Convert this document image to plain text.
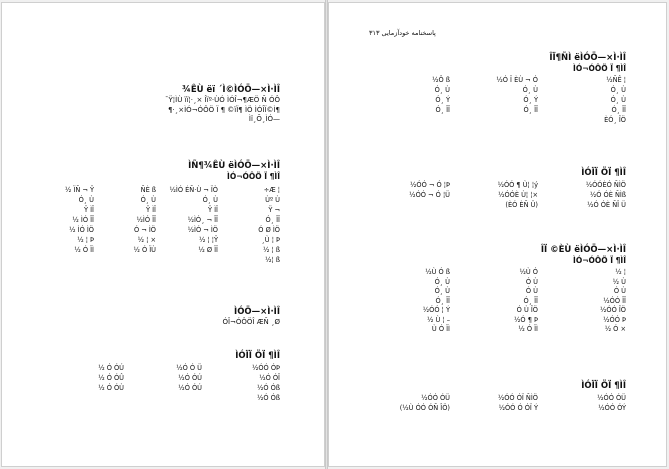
¾ÊÙ ëï ´Ì©ÌÓÖ—×Ì·ÌÎ
¯Ÿ¦ÌÙ ïï¦·¸× Îïº·ÙÓ ÌÓÎ¬¶ÆÖ Ñ ÓÔ
¶·¸×ÌÓ¬ÓÔÖ Ï ¶ ©ïÏ¶ ÌÖ ÌÓÎÏ©Ì¶
Ìï¸Õ¸ÌÓ—
ÌÑ¶¾ÊÙ ëÌÓÖ—×Ì·ÌÎ
ÌÓ¬ÓÔÖ Ï ¶ÌÎ
÷Æ ¦
½ÌÓ ÉÑ·Ù ¬ ÏÒ
ÑÈ ß
½ ÏÑ ¬ Ÿ
Ùº Ù
Ó¸ Ù
Ó¸ Ù
Ó¸ Ù
Ÿ ¬
Ÿ ÌÎ
Ÿ ÌÎ
Ÿ ÌÎ
Ó¸ ÎÎ
½ÌÓ¸ ¬ ÎÎ
½ÌÓ ÎÎ
½ ÌÓ ÎÎ
Ó Ø ÌÖ
½ÌÓ ¬ ÌÖ
Ó ¬ ÌÖ
½ ÌÓ ÌÖ
¸Ù ¦ Þ
½ ¦ ¦Ÿ
½ ¦ ×
½ ¦ Þ
½ ¦ ß
½ Ø ÏÏ
½ Ó ÏÙ
½ Ó ÏÌ
½¦ ß
ÌÓÖ—×Ì·ÌÎ
ÓÎ¬ÓÔÖÎ ÆÑ ¸Ø
ÌÓÏÏ ÖÏ ¶ÌÎ
½ÓÓ ÓÞ
½Ó Ó Ü
½ Ó ÓÚ
½Ó ÓÎ
½Ó ÓÚ
½ Ó ÓÛ
½Ó Óß
½Ó ÓÚ
½ Ó ÓÙ
½Ó Óß
پاسخنامه خودآزمایی ۳۱۳
ÎÏ¶ÑÌ ëÌÓÖ—×Ì·ÌÎ
ÌÓ¬ÓÔÖ Ï ¶ÌÎ
½ÑÊ ¦
½Ó Ï ÈÙ ¬ Ó
½Ô ß
Ó¸ Ù
Ó¸ Ù
Ó¸ Ù
Ó¸ Ù
Ó¸ Ý
Ó¸ Ý
Ó¸ ÎÎ
Ó¸ ÎÎ
Ó¸ ÎÎ
ÈÓ¸ ÎÖ
ÌÓÏÏ ÖÏ ¶ÌÎ
½ÓÓÈÓ ÑÌÖ
½ÓÓ ¶ Ù¦ ¦ý
½ÓÓ ¬ Ó ¦Þ
½Ó ÓÈ ÑÌß
½ÓÓÈ Ù¦ ¦×
½ÓÓ ¬ Ó ¦Ü
½Ó ÓÈ ÑÎ Ü
(ÈÓ ÈÑ Ü)
ÎÏ ©ÈÙ ëÌÓÖ—×Ì·ÌÎ
ÌÓ¬ÓÔÖ Ï ¶ÌÎ
½ ¦
½Ù Ó
½Ù Ó ß
½ Ù
Ó Ù
Ó¸ Ù
Ó Ù
Ó Ù
Ó¸ Ù
½ÓÓ ÎÎ
Ó¸ ÎÎ
Ó¸ ÎÎ
½ÓÓ ÎÖ
Ó Ù ÎÖ
½ÓÓ ¦ Ý
½ÓÓ Þ
½Ó ¶ Þ
½ Ù ¦ –
½ Ó ×
½ Ó ÏÌ
Ù Ó ÏÌ
ÌÓÏÏ ÖÏ ¶ÌÎ
½ÓÓ ÓÜ
½ÓÓ ÓÏ ÑÌÖ
½ÓÓ ÓÜ
½ÓÓ ÓÝ
½ÓÓ Ó ÓÏ Ý
(½Ù ÓÓ ÓÑ ÎÖ)
